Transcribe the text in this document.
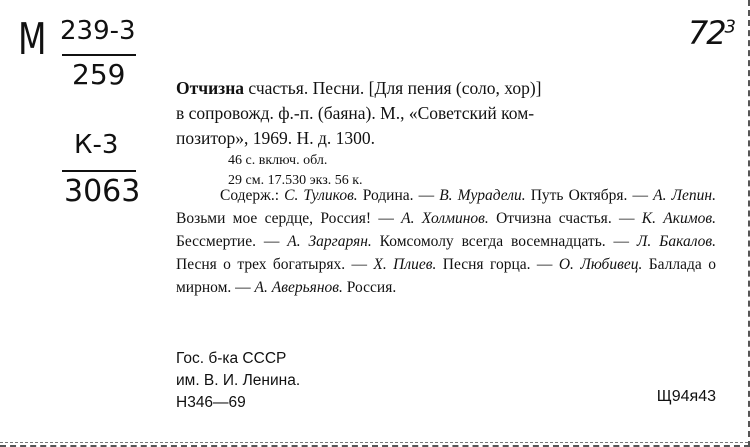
М 239-3
259
К-3
3063
$72^3$
Отчизна счастья. Песни. [Для пения (соло, хор)]
в сопровожд. ф.-п. (баяна). М., «Советский ком-
позитор», 1969. Н. д. 1300.
46 с. включ. обл.
29 см. 17.530 экз. 56 к.
Содерж.: С. Туликов. Родина. — В. Мурадели. Путь Октября. — А. Лепин. Возьми мое сердце, Россия! — А. Холминов. Отчизна счастья. — К. Акимов. Бессмертие. — А. Заргарян. Комсомолу всегда восемнадцать. — Л. Бакалов. Песня о трех богатырях. — Х. Плиев. Песня горца. — О. Любивец. Баллада о мирном. — А. Аверьянов. Россия.
Гос. б-ка СССР
им. В. И. Ленина.
Н346—69	Щ94я43
